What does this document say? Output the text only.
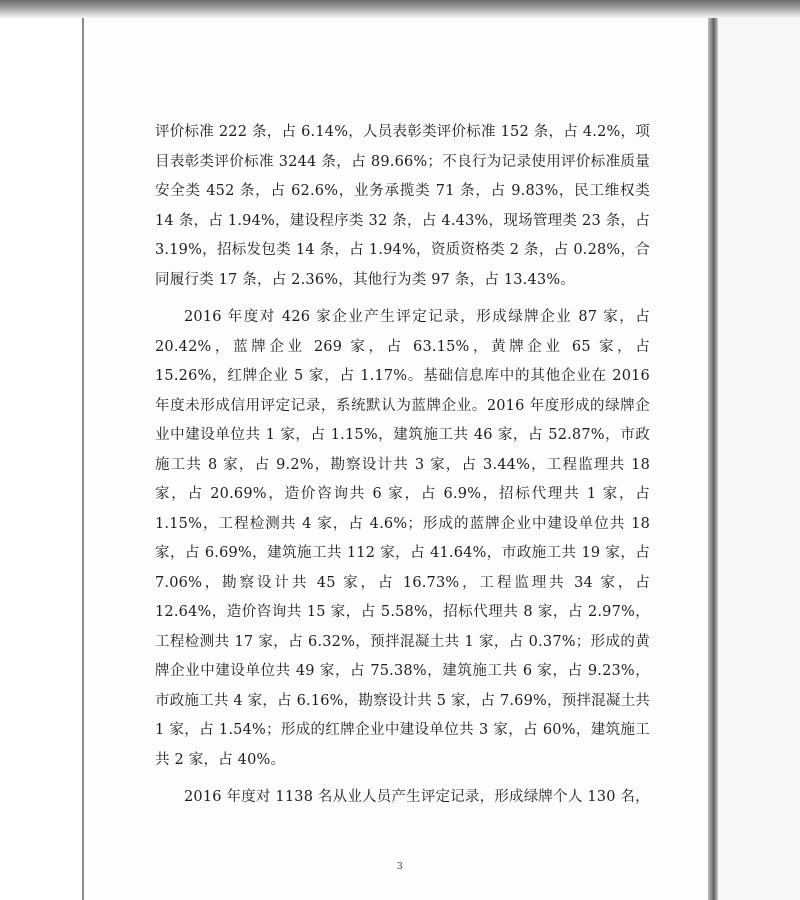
评价标准 222 条，占 6.14%，人员表彰类评价标准 152 条，占 4.2%，项目表彰类评价标准 3244 条，占 89.66%；不良行为记录使用评价标准质量安全类 452 条，占 62.6%，业务承揽类 71 条，占 9.83%，民工维权类 14 条，占 1.94%，建设程序类 32 条，占 4.43%，现场管理类 23 条，占 3.19%，招标发包类 14 条，占 1.94%，资质资格类 2 条，占 0.28%，合同履行类 17 条，占 2.36%，其他行为类 97 条，占 13.43%。

2016 年度对 426 家企业产生评定记录，形成绿牌企业 87 家，占 20.42%，蓝牌企业 269 家，占 63.15%，黄牌企业 65 家，占 15.26%，红牌企业 5 家，占 1.17%。基础信息库中的其他企业在 2016 年度未形成信用评定记录，系统默认为蓝牌企业。2016 年度形成的绿牌企业中建设单位共 1 家，占 1.15%，建筑施工共 46 家，占 52.87%，市政施工共 8 家，占 9.2%，勘察设计共 3 家，占 3.44%，工程监理共 18 家，占 20.69%，造价咨询共 6 家，占 6.9%，招标代理共 1 家，占 1.15%，工程检测共 4 家，占 4.6%；形成的蓝牌企业中建设单位共 18 家，占 6.69%，建筑施工共 112 家，占 41.64%，市政施工共 19 家，占 7.06%，勘察设计共 45 家，占 16.73%，工程监理共 34 家，占 12.64%，造价咨询共 15 家，占 5.58%，招标代理共 8 家，占 2.97%，工程检测共 17 家，占 6.32%，预拌混凝土共 1 家，占 0.37%；形成的黄牌企业中建设单位共 49 家，占 75.38%，建筑施工共 6 家，占 9.23%，市政施工共 4 家，占 6.16%，勘察设计共 5 家，占 7.69%，预拌混凝土共 1 家，占 1.54%；形成的红牌企业中建设单位共 3 家，占 60%，建筑施工共 2 家，占 40%。

2016 年度对 1138 名从业人员产生评定记录，形成绿牌个人 130 名，

3
